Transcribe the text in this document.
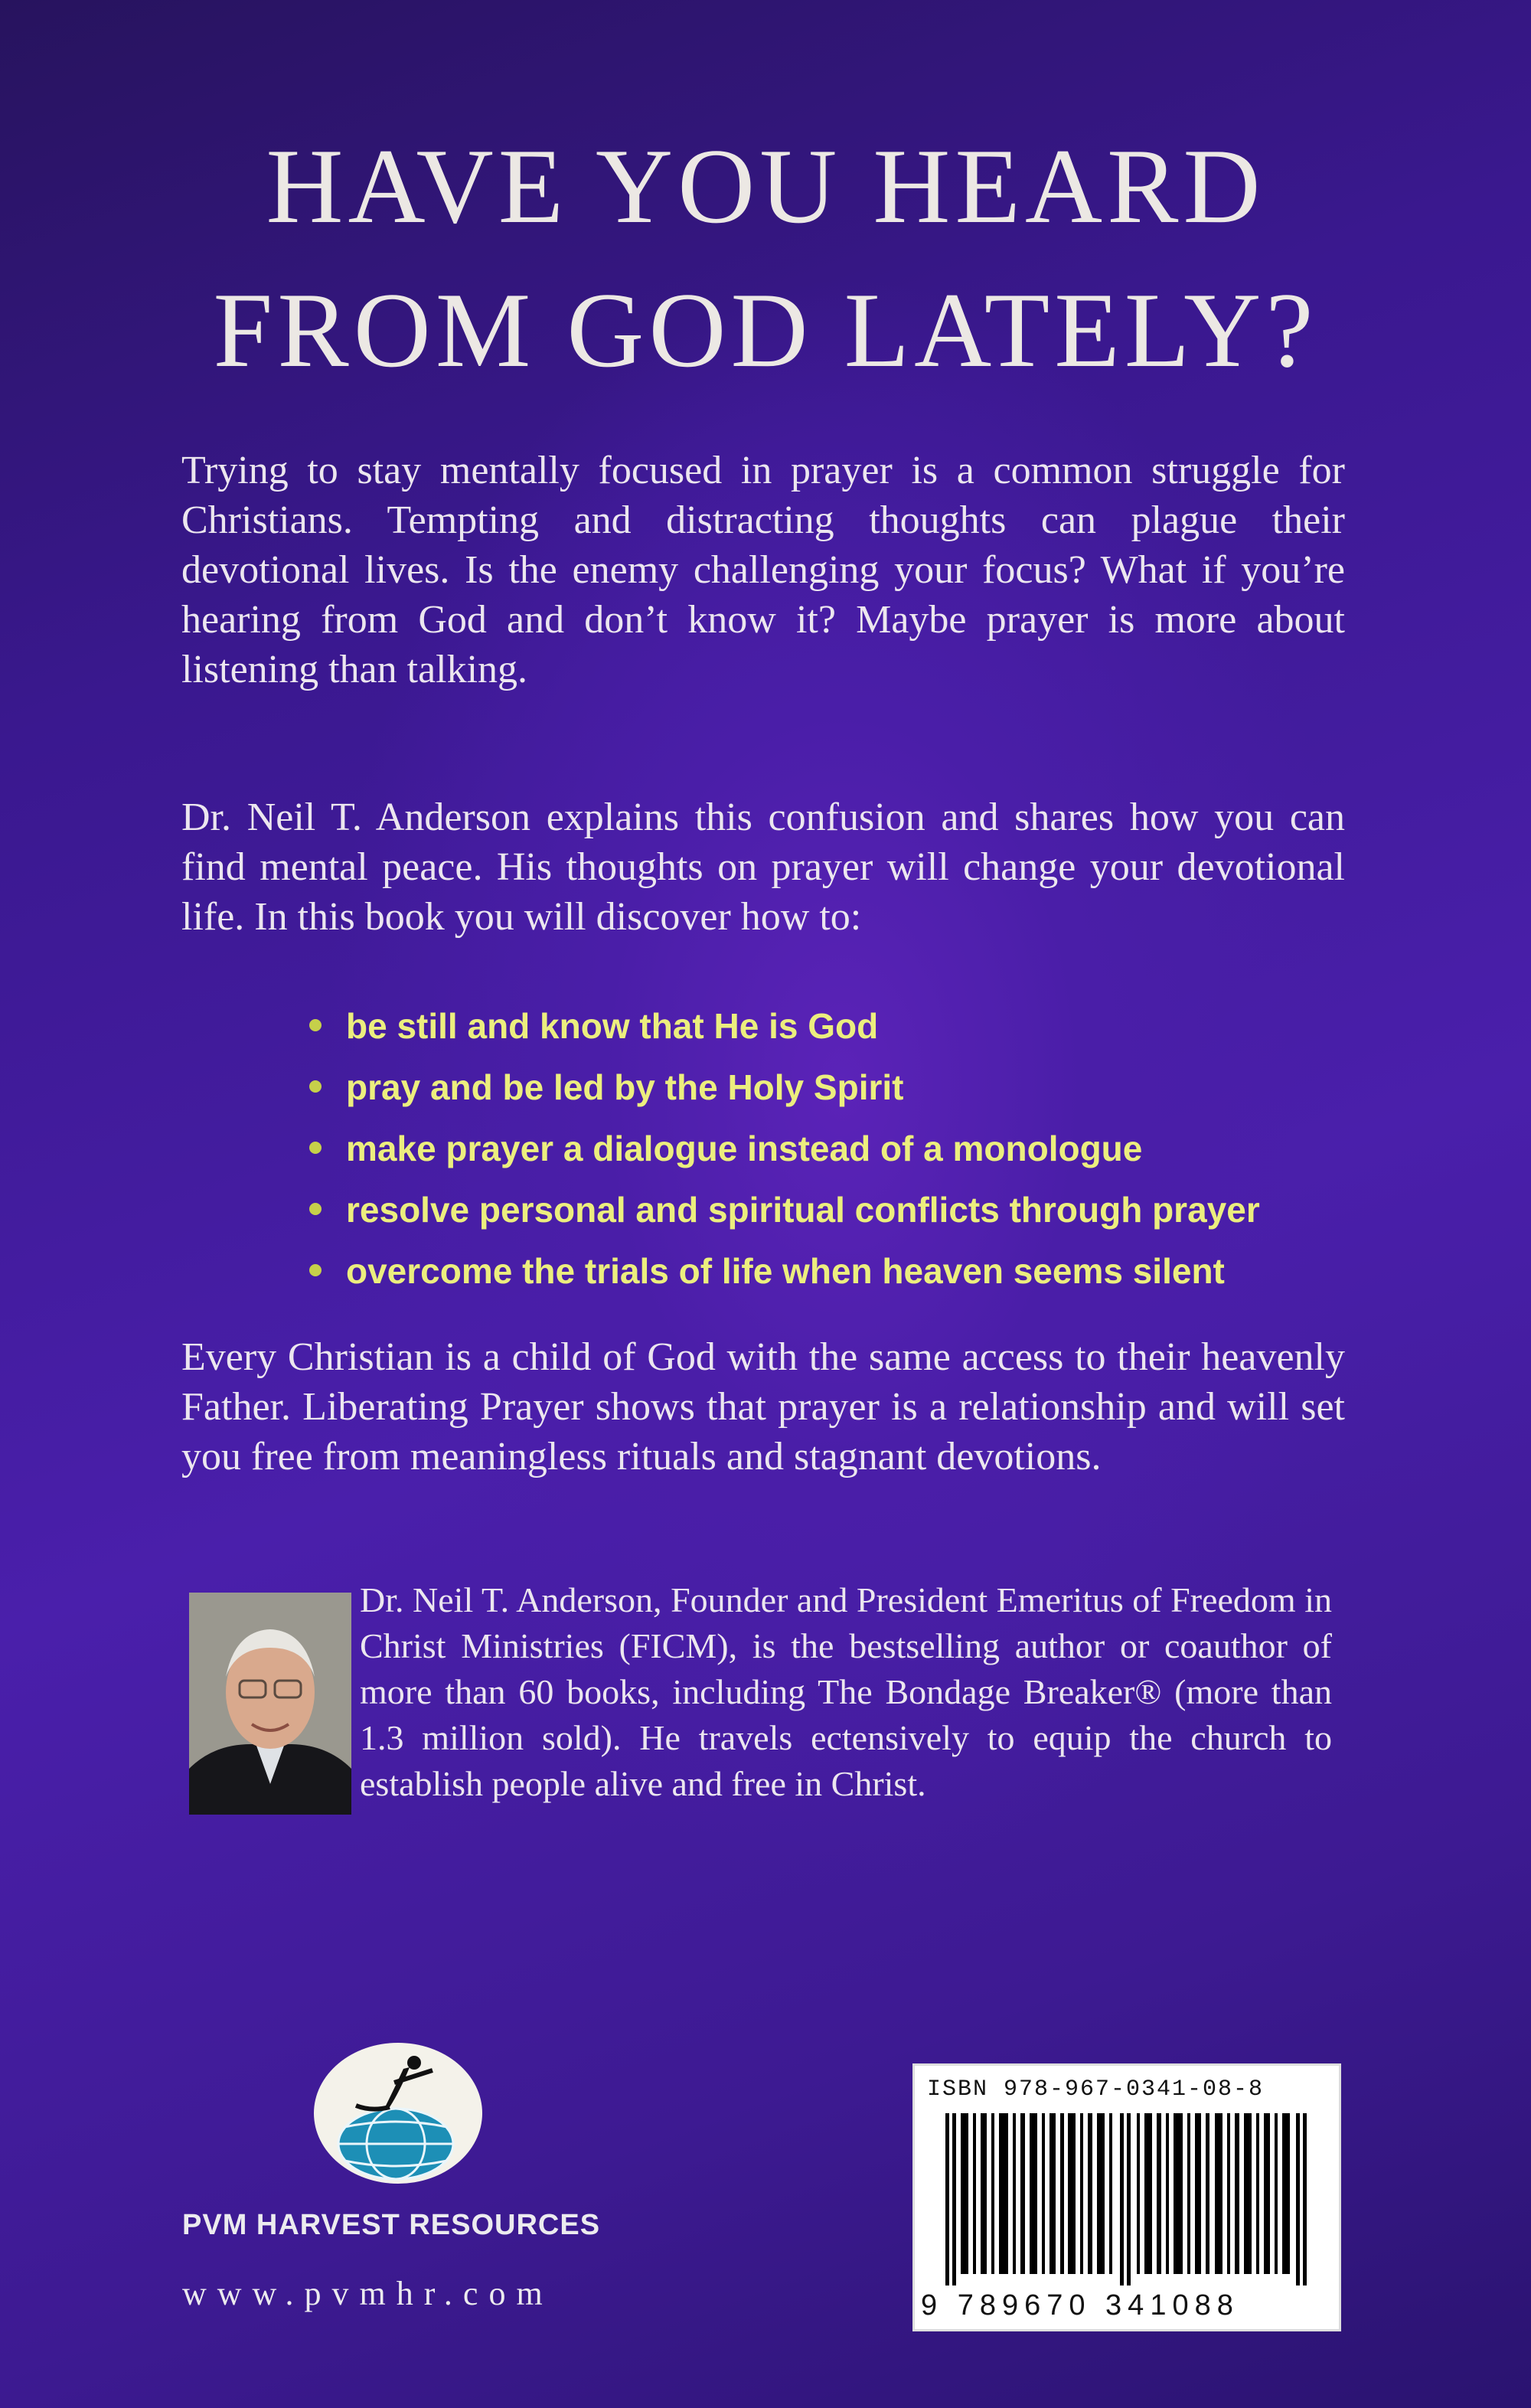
HAVE YOU HEARD
FROM GOD LATELY?

Trying to stay mentally focused in prayer is a common struggle for Christians. Tempting and distracting thoughts can plague their devotional lives. Is the enemy challenging your focus? What if you’re hearing from God and don’t know it? Maybe prayer is more about listening than talking.

Dr. Neil T. Anderson explains this confusion and shares how you can find mental peace. His thoughts on prayer will change your devotional life. In this book you will discover how to:

be still and know that He is God
pray and be led by the Holy Spirit
make prayer a dialogue instead of a monologue
resolve personal and spiritual conflicts through prayer
overcome the trials of life when heaven seems silent

Every Christian is a child of God with the same access to their heavenly Father. Liberating Prayer shows that prayer is a relationship and will set you free from meaningless rituals and stagnant devotions.

Dr. Neil T. Anderson, Founder and President Emeritus of Freedom in Christ Ministries (FICM), is the bestselling author or coauthor of more than 60 books, including The Bondage Breaker® (more than 1.3 million sold). He travels ectensively to equip the church to establish people alive and free in Christ.

PVM HARVEST RESOURCES
www.pvmhr.com
ISBN 978-967-0341-08-8
9 789670 341088
